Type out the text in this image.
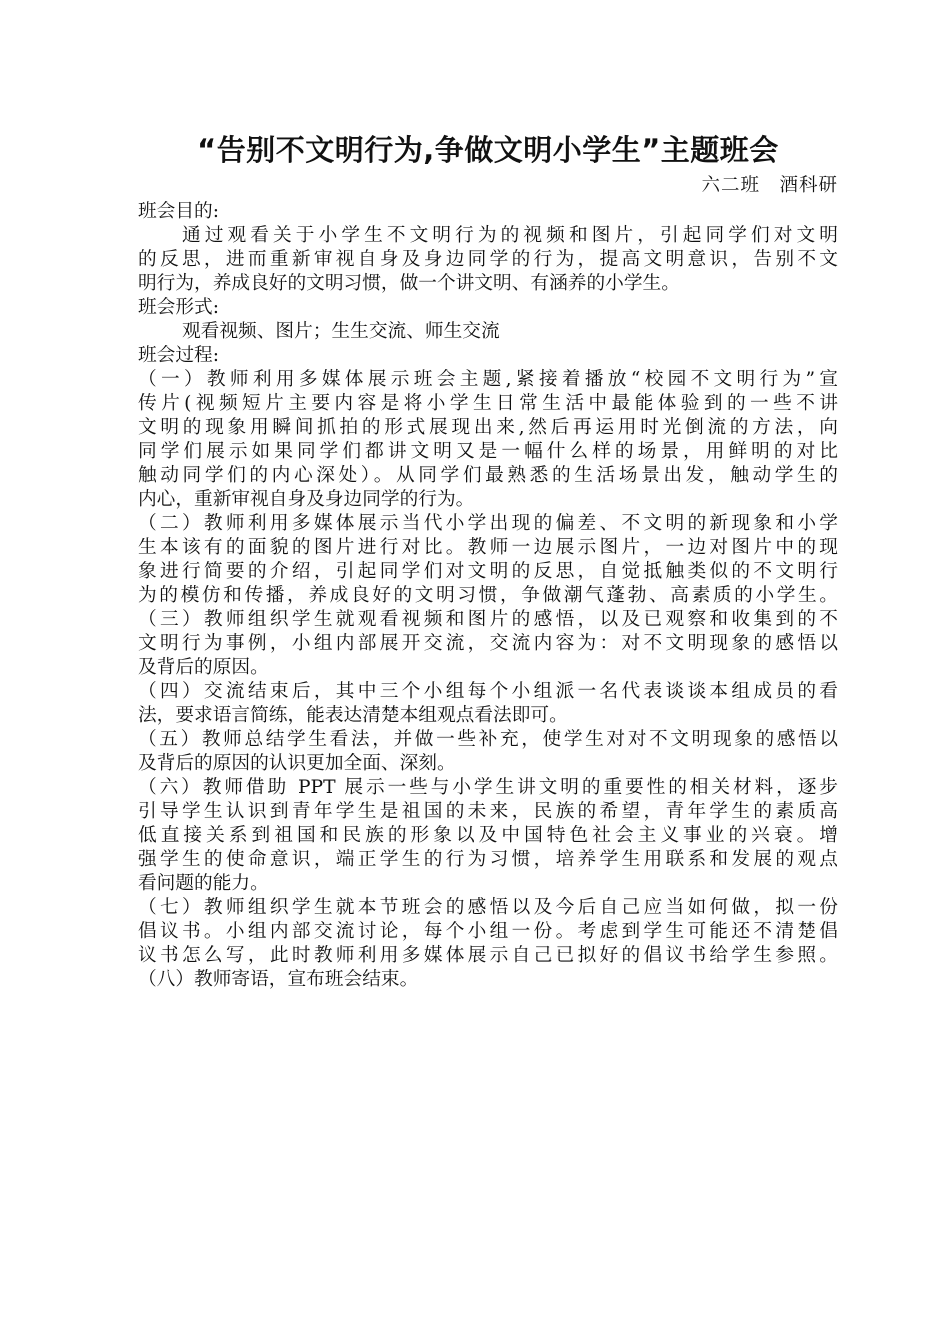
“告别不文明行为,争做文明小学生”主题班会

六二班　酒科研

班会目的:

通过观看关于小学生不文明行为的视频和图片，引起同学们对文明

的反思，进而重新审视自身及身边同学的行为，提高文明意识，告别不文

明行为，养成良好的文明习惯，做一个讲文明、有涵养的小学生。

班会形式:

观看视频、图片；生生交流、师生交流

班会过程:

（一）教师利用多媒体展示班会主题,紧接着播放“校园不文明行为”宣

传片(视频短片主要内容是将小学生日常生活中最能体验到的一些不讲

文明的现象用瞬间抓拍的形式展现出来,然后再运用时光倒流的方法，向

同学们展示如果同学们都讲文明又是一幅什么样的场景，用鲜明的对比

触动同学们的内心深处）。从同学们最熟悉的生活场景出发，触动学生的

内心，重新审视自身及身边同学的行为。

（二）教师利用多媒体展示当代小学出现的偏差、不文明的新现象和小学

生本该有的面貌的图片进行对比。教师一边展示图片，一边对图片中的现

象进行简要的介绍，引起同学们对文明的反思，自觉抵触类似的不文明行

为的模仿和传播，养成良好的文明习惯，争做潮气蓬勃、高素质的小学生。

（三）教师组织学生就观看视频和图片的感悟，以及已观察和收集到的不

文明行为事例，小组内部展开交流，交流内容为：对不文明现象的感悟以

及背后的原因。

（四）交流结束后，其中三个小组每个小组派一名代表谈谈本组成员的看

法，要求语言简练，能表达清楚本组观点看法即可。

（五）教师总结学生看法，并做一些补充，使学生对对不文明现象的感悟以

及背后的原因的认识更加全面、深刻。

（六）教师借助 PPT 展示一些与小学生讲文明的重要性的相关材料，逐步

引导学生认识到青年学生是祖国的未来，民族的希望，青年学生的素质高

低直接关系到祖国和民族的形象以及中国特色社会主义事业的兴衰。增

强学生的使命意识，端正学生的行为习惯，培养学生用联系和发展的观点

看问题的能力。

（七）教师组织学生就本节班会的感悟以及今后自己应当如何做，拟一份

倡议书。小组内部交流讨论，每个小组一份。考虑到学生可能还不清楚倡

议书怎么写，此时教师利用多媒体展示自己已拟好的倡议书给学生参照。

（八）教师寄语，宣布班会结束。
